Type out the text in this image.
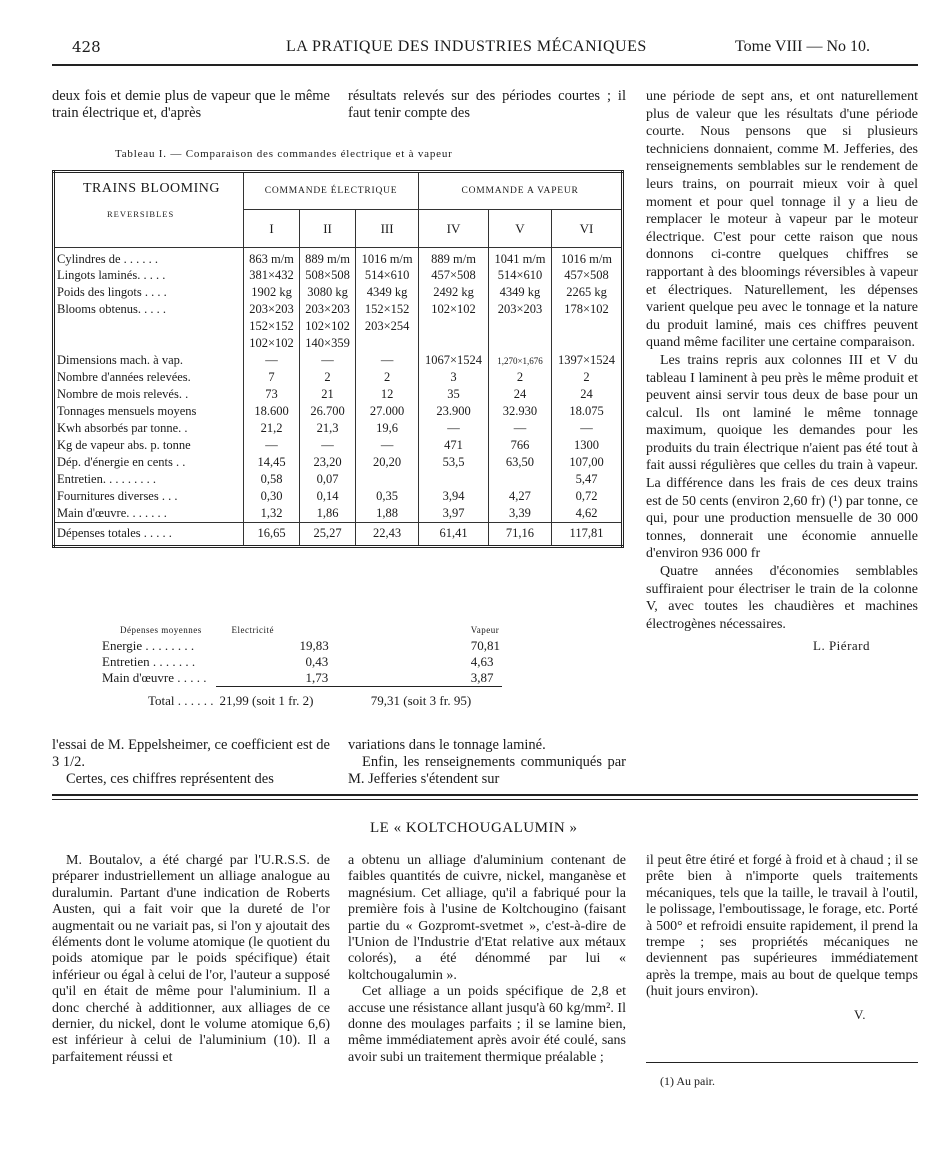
428	LA PRATIQUE DES INDUSTRIES MÉCANIQUES	Tome VIII — No 10.

deux fois et demie plus de vapeur que le même train électrique et, d'après

résultats relevés sur des périodes courtes ; il faut tenir compte des

une période de sept ans, et ont naturellement plus de valeur que les résultats d'une période courte. Nous pensons que si plusieurs techniciens donnaient, comme M. Jefferies, des renseignements semblables sur le rendement de leurs trains, on pourrait mieux voir à quel moment et pour quel tonnage il y a lieu de remplacer le moteur à vapeur par le moteur électrique. C'est pour cette raison que nous donnons ci-contre quelques chiffres se rapportant à des bloomings réversibles à vapeur et électriques. Naturellement, les dépenses varient quelque peu avec le tonnage et la nature du produit laminé, mais ces chiffres peuvent quand même faciliter une certaine comparaison.

Les trains repris aux colonnes III et V du tableau I laminent à peu près le même produit et peuvent ainsi servir tous deux de base pour un calcul. Ils ont laminé le même tonnage maximum, quoique les demandes pour les produits du train électrique n'aient pas été tout à fait aussi régulières que celles du train à vapeur. La différence dans les frais de ces deux trains est de 50 cents (environ 2,60 fr) (¹) par tonne, ce qui, pour une production mensuelle de 30 000 tonnes, donnerait une économie annuelle d'environ 936 000 fr

Quatre années d'économies semblables suffiraient pour électriser le train de la colonne V, avec toutes les chaudières et machines électrogènes nécessaires.

L. Piérard

Tableau I. — Comparaison des commandes électrique et à vapeur
TRAINS BLOOMING
REVERSIBLES	COMMANDE ÉLECTRIQUE			COMMANDE A VAPEUR		
	I	II	III	IV	V	VI
Cylindres de . . . . . .	863 m/m	889 m/m	1016 m/m	889 m/m	1041 m/m	1016 m/m
Lingots laminés. . . . .	381×432	508×508	514×610	457×508	514×610	457×508
Poids des lingots . . . .	1902 kg	3080 kg	4349 kg	2492 kg	4349 kg	2265 kg
Blooms obtenus. . . . .	203×203	203×203	152×152	102×102	203×203	178×102
	152×152	102×102	203×254			
	102×102	140×359				
Dimensions mach. à vap.	—	—	—	1067×1524	1,270×1,676	1397×1524
Nombre d'années relevées.	7	2	2	3	2	2
Nombre de mois relevés. .	73	21	12	35	24	24
Tonnages mensuels moyens	18.600	26.700	27.000	23.900	32.930	18.075
Kwh absorbés par tonne. .	21,2	21,3	19,6	—	—	—
Kg de vapeur abs. p. tonne	—	—	—	471	766	1300
Dép. d'énergie en cents . .	14,45	23,20	20,20	53,5	63,50	107,00
Entretien. . . . . . . . .	0,58	0,07				5,47
Fournitures diverses . . .	0,30	0,14	0,35	3,94	4,27	0,72
Main d'œuvre. . . . . . .	1,32	1,86	1,88	3,97	3,39	4,62
Dépenses totales . . . . .	16,65	25,27	22,43	61,41	71,16	117,81
Dépenses moyennes	Electricité	Vapeur
Energie . . . . . . . .	19,83	70,81
Entretien . . . . . . .	0,43	4,63
Main d'œuvre . . . . .	1,73	3,87
Total . . . . . .	21,99 (soit 1 fr. 2)	79,31 (soit 3 fr. 95)

l'essai de M. Eppelsheimer, ce coefficient est de 3 1/2.

Certes, ces chiffres représentent des

variations dans le tonnage laminé.

Enfin, les renseignements communiqués par M. Jefferies s'étendent sur

LE « KOLTCHOUGALUMIN »

M. Boutalov, a été chargé par l'U.R.S.S. de préparer industriellement un alliage analogue au duralumin. Partant d'une indication de Roberts Austen, qui a fait voir que la dureté de l'or augmentait ou ne variait pas, si l'on y ajoutait des éléments dont le volume atomique (le quotient du poids atomique par le poids spécifique) était inférieur ou égal à celui de l'or, l'auteur a supposé qu'il en était de même pour l'aluminium. Il a donc cherché à additionner, aux alliages de ce dernier, du nickel, dont le volume atomique 6,6) est inférieur à celui de l'aluminium (10). Il a parfaitement réussi et

a obtenu un alliage d'aluminium contenant de faibles quantités de cuivre, nickel, manganèse et magnésium. Cet alliage, qu'il a fabriqué pour la première fois à l'usine de Koltchougino (faisant partie du « Gozpromt-svetmet », c'est-à-dire de l'Union de l'Industrie d'Etat relative aux métaux colorés), a été dénommé par lui « koltchougalumin ».

Cet alliage a un poids spécifique de 2,8 et accuse une résistance allant jusqu'à 60 kg/mm². Il donne des moulages parfaits ; il se lamine bien, même immédiatement après avoir été coulé, sans avoir subi un traitement thermique préalable ;

il peut être étiré et forgé à froid et à chaud ; il se prête bien à n'importe quels traitements mécaniques, tels que la taille, le travail à l'outil, le polissage, l'emboutissage, le forage, etc. Porté à 500° et refroidi ensuite rapidement, il prend la trempe ; ses propriétés mécaniques ne deviennent pas supérieures immédiatement après la trempe, mais au bout de quelque temps (huit jours environ).

V.

(1) Au pair.
